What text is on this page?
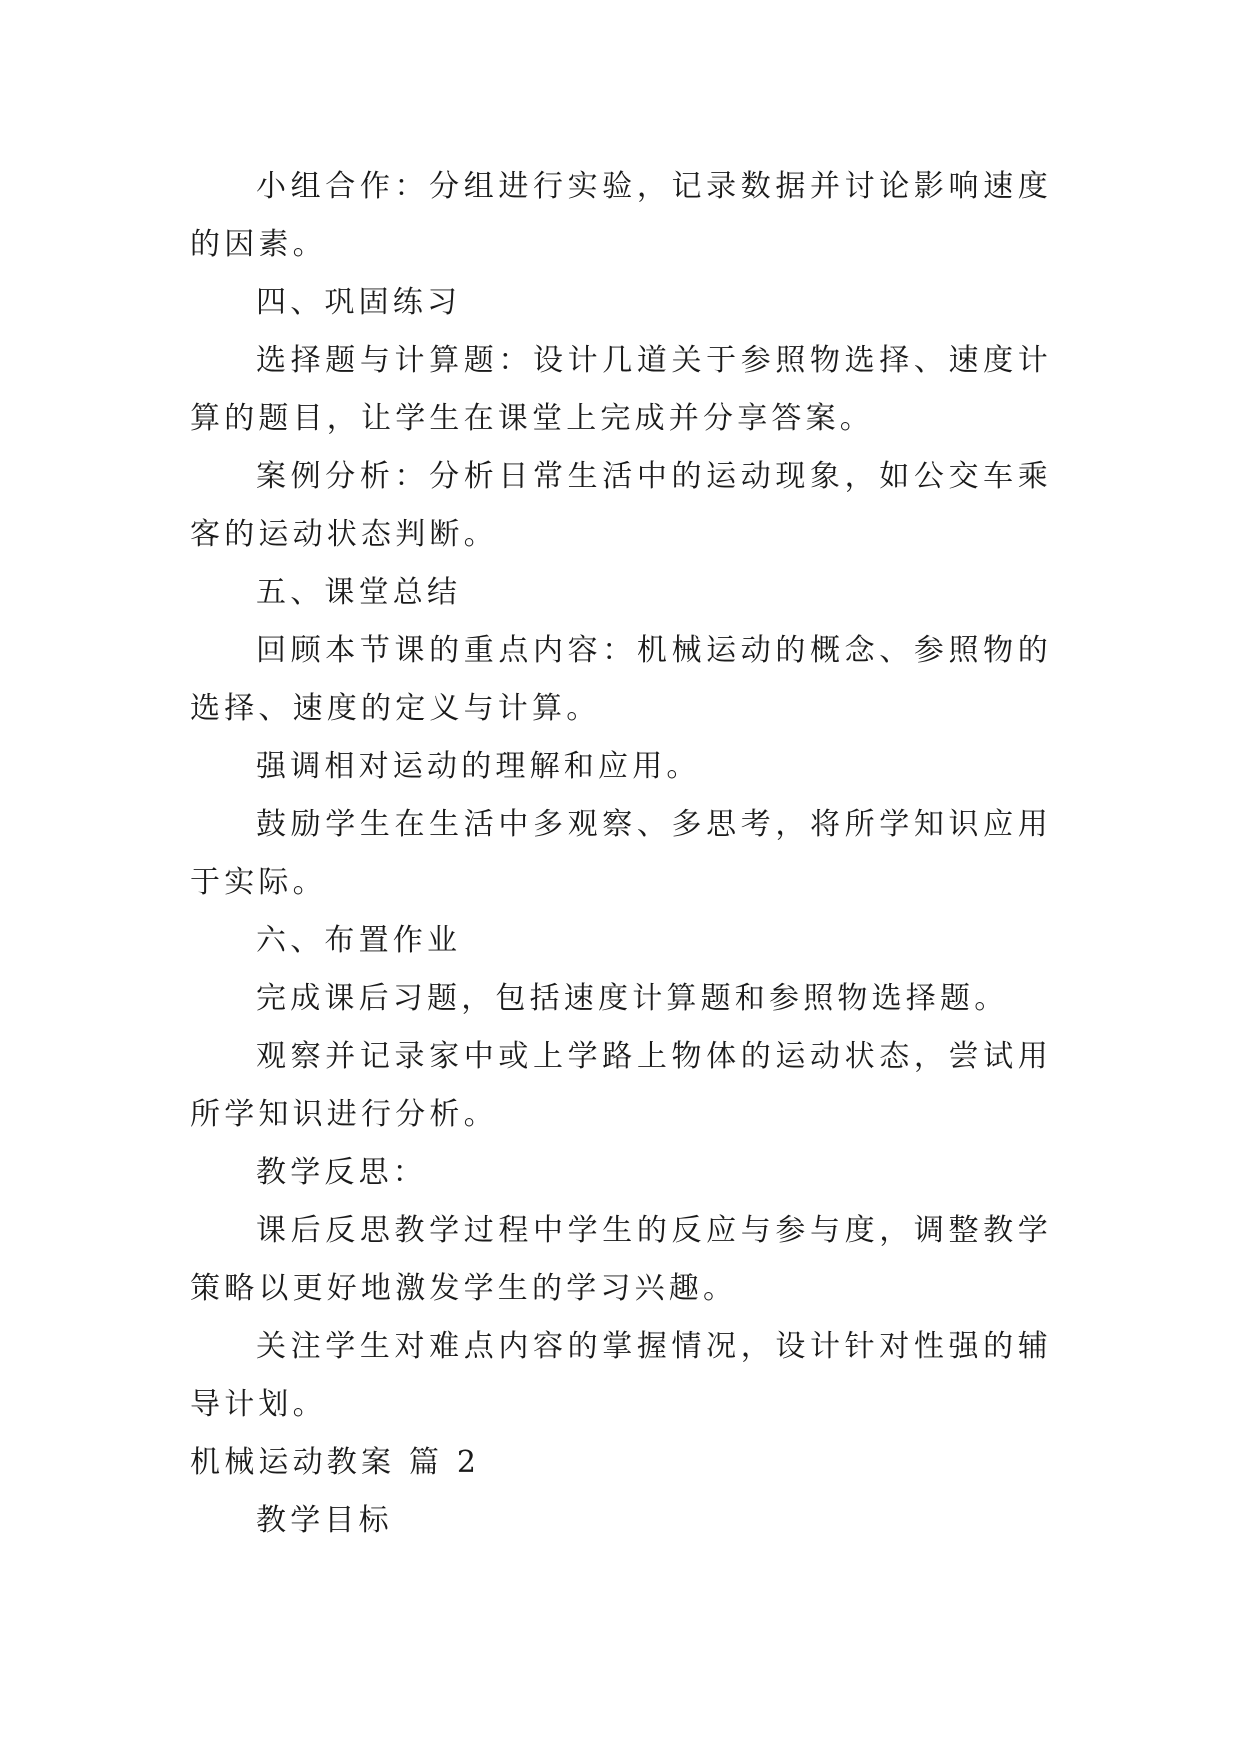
小组合作：分组进行实验，记录数据并讨论影响速度的因素。

四、巩固练习

选择题与计算题：设计几道关于参照物选择、速度计算的题目，让学生在课堂上完成并分享答案。

案例分析：分析日常生活中的运动现象，如公交车乘客的运动状态判断。

五、课堂总结

回顾本节课的重点内容：机械运动的概念、参照物的选择、速度的定义与计算。

强调相对运动的理解和应用。

鼓励学生在生活中多观察、多思考，将所学知识应用于实际。

六、布置作业

完成课后习题，包括速度计算题和参照物选择题。

观察并记录家中或上学路上物体的运动状态，尝试用所学知识进行分析。

教学反思：

课后反思教学过程中学生的反应与参与度，调整教学策略以更好地激发学生的学习兴趣。

关注学生对难点内容的掌握情况，设计针对性强的辅导计划。

机械运动教案 篇 2

教学目标
